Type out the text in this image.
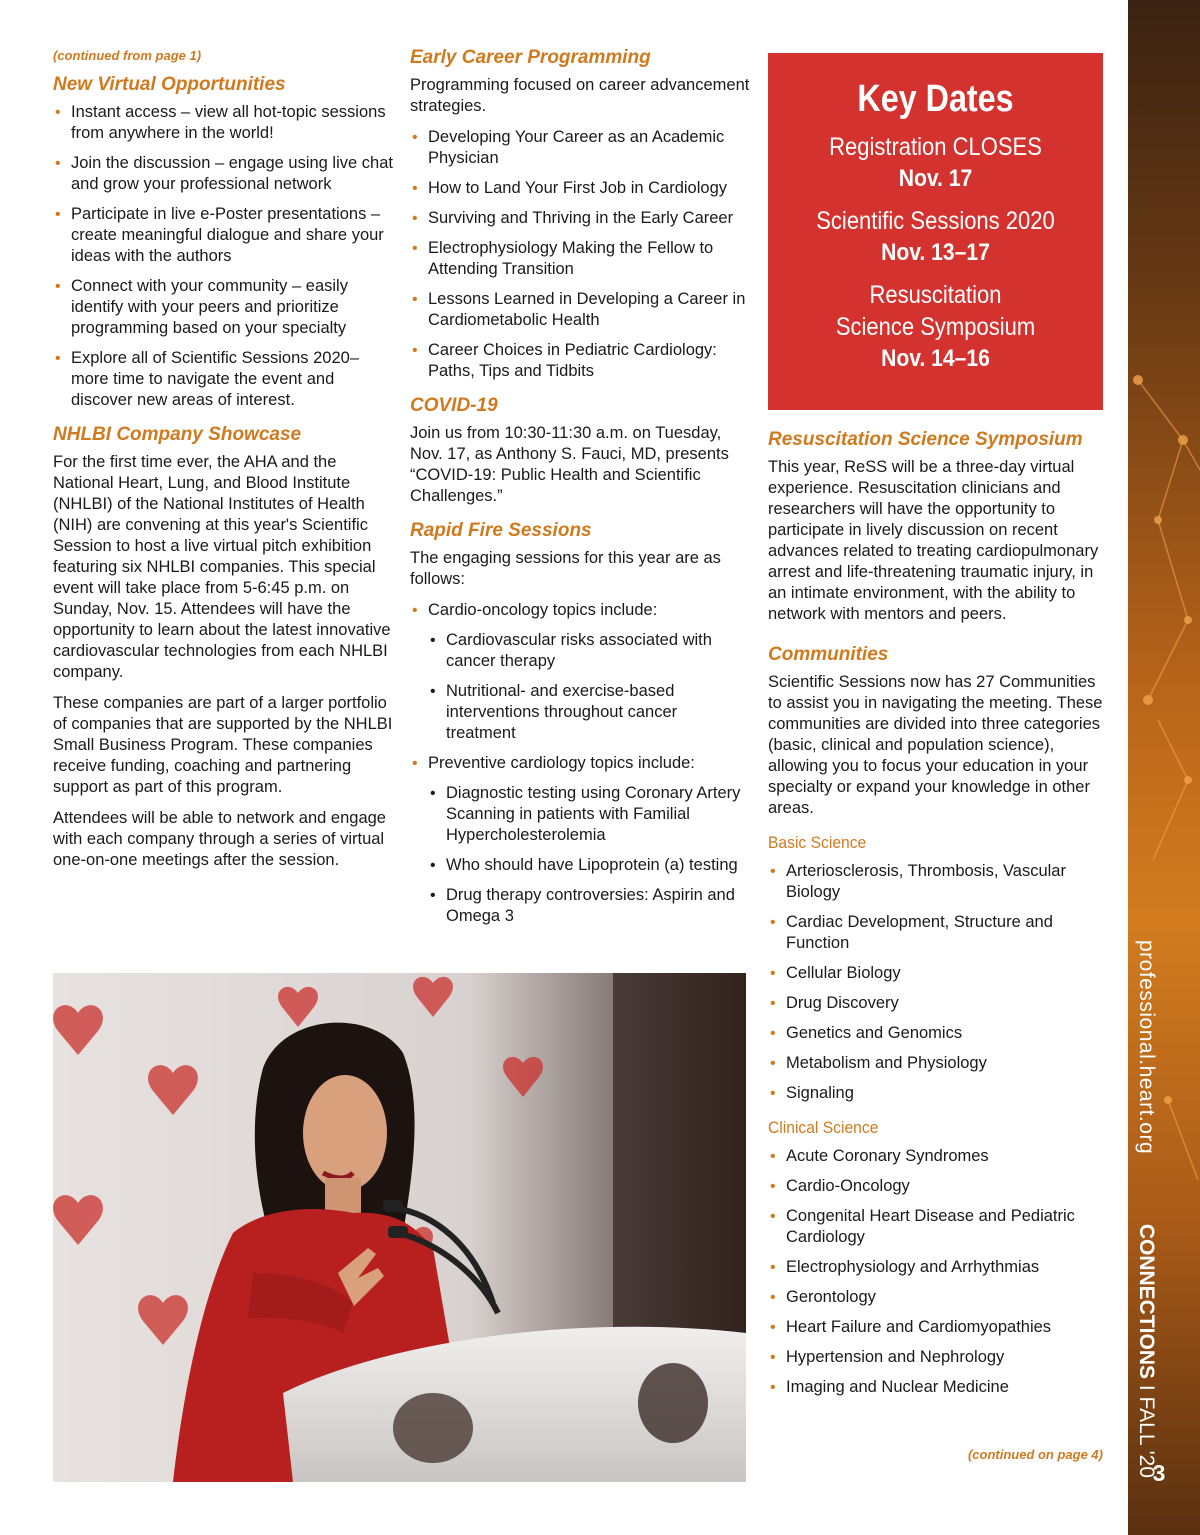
(continued from page 1)

New Virtual Opportunities
• Instant access – view all hot-topic sessions from anywhere in the world!
• Join the discussion – engage using live chat and grow your professional network
• Participate in live e-Poster presentations – create meaningful dialogue and share your ideas with the authors
• Connect with your community – easily identify with your peers and prioritize programming based on your specialty
• Explore all of Scientific Sessions 2020– more time to navigate the event and discover new areas of interest.
NHLBI Company Showcase

For the first time ever, the AHA and the National Heart, Lung, and Blood Institute (NHLBI) of the National Institutes of Health (NIH) are convening at this year's Scientific Session to host a live virtual pitch exhibition featuring six NHLBI companies. This special event will take place from 5-6:45 p.m. on Sunday, Nov. 15. Attendees will have the opportunity to learn about the latest innovative cardiovascular technologies from each NHLBI company.

These companies are part of a larger portfolio of companies that are supported by the NHLBI Small Business Program. These companies receive funding, coaching and partnering support as part of this program.

Attendees will be able to network and engage with each company through a series of virtual one-on-one meetings after the session.

Early Career Programming

Programming focused on career advancement strategies.

• Developing Your Career as an Academic Physician
• How to Land Your First Job in Cardiology
• Surviving and Thriving in the Early Career
• Electrophysiology Making the Fellow to Attending Transition
• Lessons Learned in Developing a Career in Cardiometabolic Health
• Career Choices in Pediatric Cardiology: Paths, Tips and Tidbits
COVID-19

Join us from 10:30-11:30 a.m. on Tuesday, Nov. 17, as Anthony S. Fauci, MD, presents “COVID-19: Public Health and Scientific Challenges.”

Rapid Fire Sessions

The engaging sessions for this year are as follows:

• Cardio-oncology topics include:
• Cardiovascular risks associated with cancer therapy
• Nutritional- and exercise-based interventions throughout cancer treatment
• Preventive cardiology topics include:
• Diagnostic testing using Coronary Artery Scanning in patients with Familial Hypercholesterolemia
• Who should have Lipoprotein (a) testing
• Drug therapy controversies: Aspirin and Omega 3
Key Dates
Registration CLOSES
Nov. 17
Scientific Sessions 2020
Nov. 13–17
Resuscitation
Science Symposium
Nov. 14–16
Resuscitation Science Symposium

This year, ReSS will be a three-day virtual experience. Resuscitation clinicians and researchers will have the opportunity to participate in lively discussion on recent advances related to treating cardiopulmonary arrest and life-threatening traumatic injury, in an intimate environment, with the ability to network with mentors and peers.

Communities

Scientific Sessions now has 27 Communities to assist you in navigating the meeting. These communities are divided into three categories (basic, clinical and population science), allowing you to focus your education in your specialty or expand your knowledge in other areas.

Basic Science
• Arteriosclerosis, Thrombosis, Vascular Biology
• Cardiac Development, Structure and Function
• Cellular Biology
• Drug Discovery
• Genetics and Genomics
• Metabolism and Physiology
• Signaling
Clinical Science
• Acute Coronary Syndromes
• Cardio-Oncology
• Congenital Heart Disease and Pediatric Cardiology
• Electrophysiology and Arrhythmias
• Gerontology
• Heart Failure and Cardiomyopathies
• Hypertension and Nephrology
• Imaging and Nuclear Medicine
(continued on page 4)
professional.heart.org  CONNECTIONS I FALL '20
3
